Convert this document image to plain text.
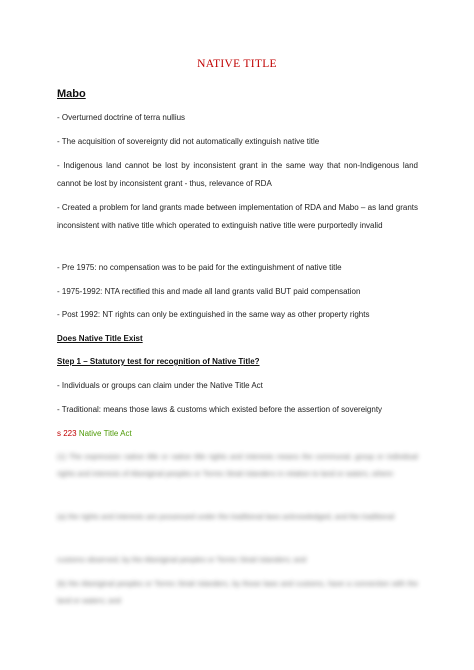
NATIVE TITLE
Mabo

- Overturned doctrine of terra nullius

- The acquisition of sovereignty did not automatically extinguish native title

- Indigenous land cannot be lost by inconsistent grant in the same way that non-Indigenous land cannot be lost by inconsistent grant - thus, relevance of RDA

- Created a problem for land grants made between implementation of RDA and Mabo – as land grants inconsistent with native title which operated to extinguish native title were purportedly invalid

- Pre 1975: no compensation was to be paid for the extinguishment of native title

- 1975-1992: NTA rectified this and made all land grants valid BUT paid compensation

- Post 1992: NT rights can only be extinguished in the same way as other property rights

Does Native Title Exist

Step 1 – Statutory test for recognition of Native Title?

- Individuals or groups can claim under the Native Title Act

- Traditional: means those laws & customs which existed before the assertion of sovereignty

s 223 Native Title Act

(1) The expression native title or native title rights and interests means the communal, group or individual rights and interests of Aboriginal peoples or Torres Strait Islanders in relation to land or waters, where:

(a) the rights and interests are possessed under the traditional laws acknowledged, and the traditional

customs observed, by the Aboriginal peoples or Torres Strait Islanders; and

(b) the Aboriginal peoples or Torres Strait Islanders, by those laws and customs, have a connection with the land or waters; and
